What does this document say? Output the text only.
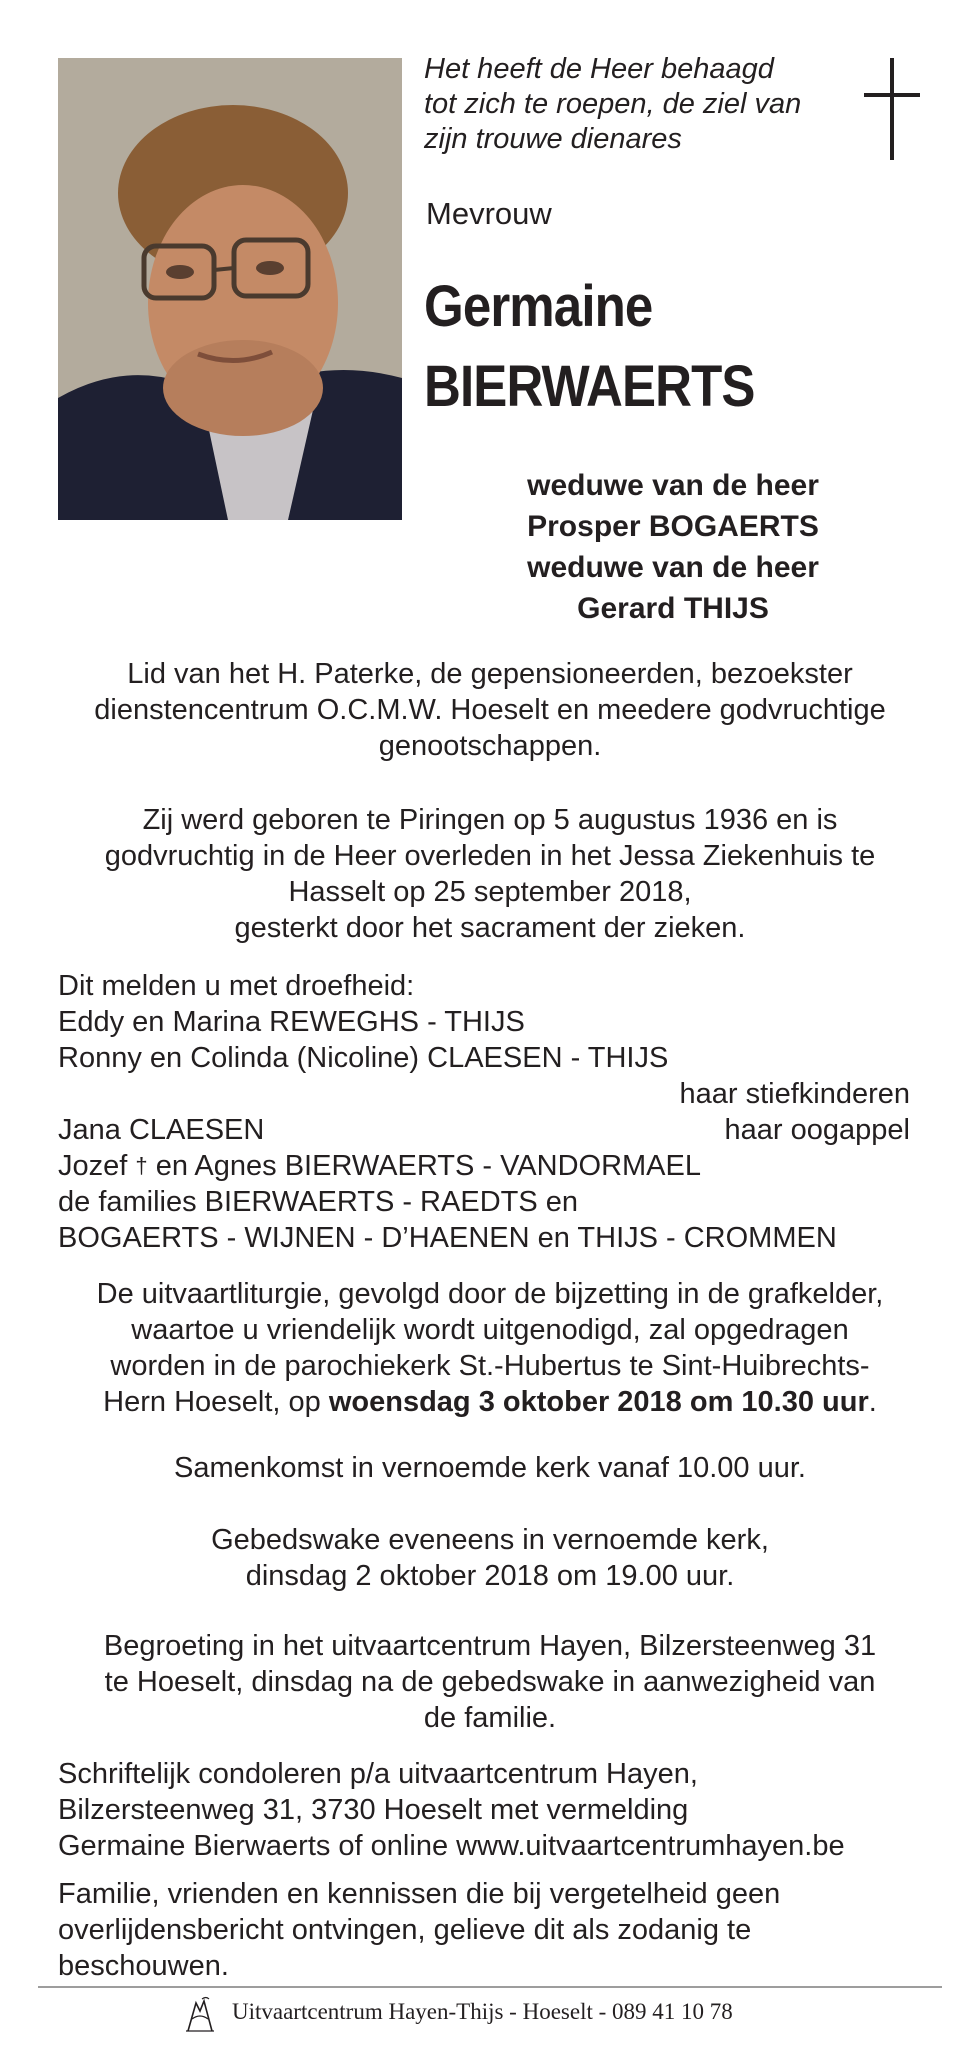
Het heeft de Heer behaagd
tot zich te roepen, de ziel van
zijn trouwe dienares
Mevrouw
Germaine
BIERWAERTS
weduwe van de heer
Prosper BOGAERTS
weduwe van de heer
Gerard THIJS
Lid van het H. Paterke, de gepensioneerden, bezoekster
dienstencentrum O.C.M.W. Hoeselt en meedere godvruchtige
genootschappen.
Zij werd geboren te Piringen op 5 augustus 1936 en is
godvruchtig in de Heer overleden in het Jessa Ziekenhuis te
Hasselt op 25 september 2018,
gesterkt door het sacrament der zieken.
Dit melden u met droefheid:
Eddy en Marina REWEGHS - THIJS
Ronny en Colinda (Nicoline) CLAESEN - THIJS
haar stiefkinderen
Jana CLAESEN	haar oogappel
Jozef † en Agnes BIERWAERTS - VANDORMAEL
de families BIERWAERTS - RAEDTS en
BOGAERTS - WIJNEN - D’HAENEN en THIJS - CROMMEN
De uitvaartliturgie, gevolgd door de bijzetting in de grafkelder,
waartoe u vriendelijk wordt uitgenodigd, zal opgedragen
worden in de parochiekerk St.-Hubertus te Sint-Huibrechts-
Hern Hoeselt, op woensdag 3 oktober 2018 om 10.30 uur.
Samenkomst in vernoemde kerk vanaf 10.00 uur.
Gebedswake eveneens in vernoemde kerk,
dinsdag 2 oktober 2018 om 19.00 uur.
Begroeting in het uitvaartcentrum Hayen, Bilzersteenweg 31
te Hoeselt, dinsdag na de gebedswake in aanwezigheid van
de familie.
Schriftelijk condoleren p/a uitvaartcentrum Hayen,
Bilzersteenweg 31, 3730 Hoeselt met vermelding
Germaine Bierwaerts of online www.uitvaartcentrumhayen.be
Familie, vrienden en kennissen die bij vergetelheid geen
overlijdensbericht ontvingen, gelieve dit als zodanig te
beschouwen.
Uitvaartcentrum Hayen-Thijs - Hoeselt - 089 41 10 78
